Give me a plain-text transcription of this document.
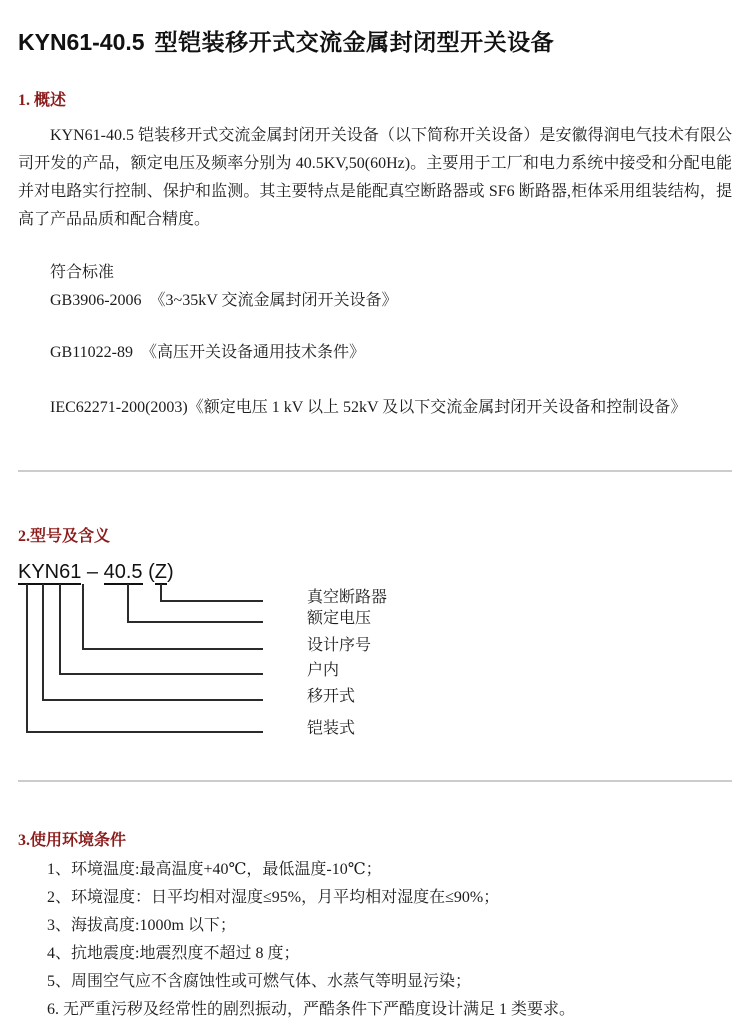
KYN61-40.5 型铠装移开式交流金属封闭型开关设备
1. 概述

KYN61-40.5 铠装移开式交流金属封闭开关设备（以下简称开关设备）是安徽得润电气技术有限公司开发的产品，额定电压及频率分别为 40.5KV,50(60Hz)。主要用于工厂和电力系统中接受和分配电能并对电路实行控制、保护和监测。其主要特点是能配真空断路器或 SF6 断路器,柜体采用组装结构，提高了产品品质和配合精度。

符合标准
GB3906-2006  《3~35kV 交流金属封闭开关设备》
GB11022-89  《高压开关设备通用技术条件》
IEC62271-200(2003)《额定电压 1 kV 以上 52kV 及以下交流金属封闭开关设备和控制设备》
2.型号及含义
KYN61 – 40.5 (Z)
真空断路器
额定电压
设计序号
户内
移开式
铠装式
3.使用环境条件
1、环境温度:最高温度+40℃，最低温度-10℃；
2、环境湿度：日平均相对湿度≤95%，月平均相对湿度在≤90%；
3、海拔高度:1000m 以下；
4、抗地震度:地震烈度不超过 8 度；
5、周围空气应不含腐蚀性或可燃气体、水蒸气等明显污染；
6. 无严重污秽及经常性的剧烈振动，严酷条件下严酷度设计满足 1 类要求。
